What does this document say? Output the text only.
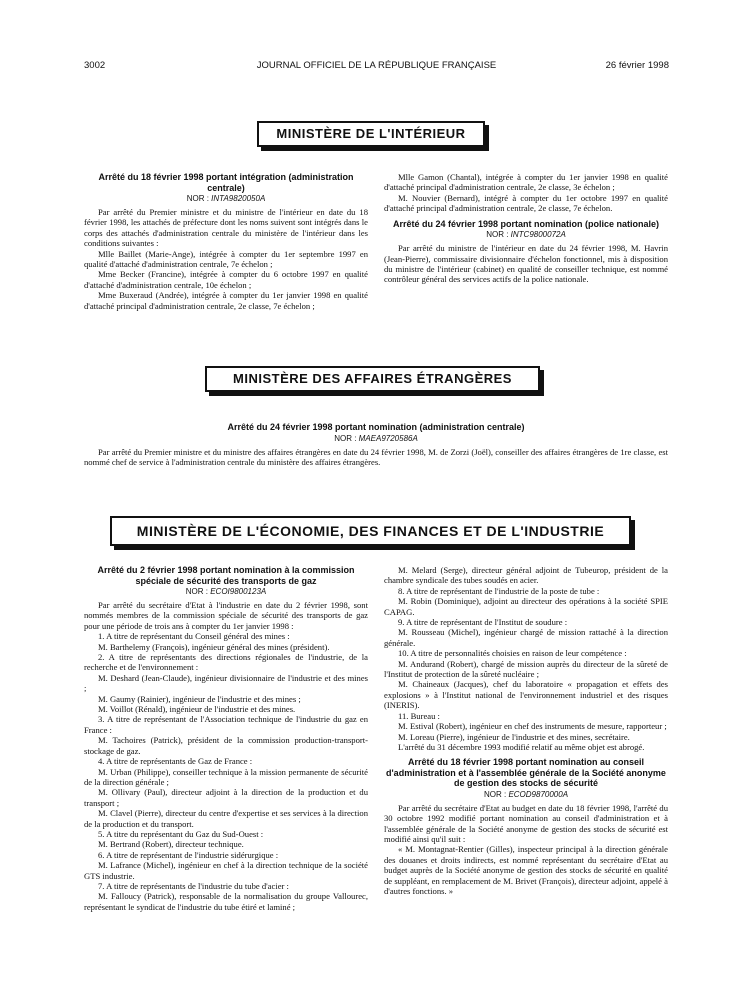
3002	JOURNAL OFFICIEL DE LA RÉPUBLIQUE FRANÇAISE	26 février 1998
MINISTÈRE DE L'INTÉRIEUR
Arrêté du 18 février 1998 portant intégration (administration centrale)
NOR : INTA9820050A

Par arrêté du Premier ministre et du ministre de l'intérieur en date du 18 février 1998, les attachés de préfecture dont les noms suivent sont intégrés dans le corps des attachés d'administration centrale du ministère de l'intérieur dans les conditions suivantes :

Mlle Baillet (Marie-Ange), intégrée à compter du 1er septembre 1997 en qualité d'attaché d'administration centrale, 7e échelon ;

Mme Becker (Francine), intégrée à compter du 6 octobre 1997 en qualité d'attaché d'administration centrale, 10e échelon ;

Mme Buxeraud (Andrée), intégrée à compter du 1er janvier 1998 en qualité d'attaché principal d'administration centrale, 2e classe, 7e échelon ;

Mlle Gamon (Chantal), intégrée à compter du 1er janvier 1998 en qualité d'attaché principal d'administration centrale, 2e classe, 3e échelon ;

M. Nouvier (Bernard), intégré à compter du 1er octobre 1997 en qualité d'attaché principal d'administration centrale, 2e classe, 7e échelon.

Arrêté du 24 février 1998 portant nomination (police nationale)
NOR : INTC9800072A

Par arrêté du ministre de l'intérieur en date du 24 février 1998, M. Havrin (Jean-Pierre), commissaire divisionnaire d'échelon fonctionnel, mis à disposition du ministre de l'intérieur (cabinet) en qualité de conseiller technique, est nommé contrôleur général des services actifs de la police nationale.

MINISTÈRE DES AFFAIRES ÉTRANGÈRES
Arrêté du 24 février 1998 portant nomination (administration centrale)
NOR : MAEA9720586A

Par arrêté du Premier ministre et du ministre des affaires étrangères en date du 24 février 1998, M. de Zorzi (Joël), conseiller des affaires étrangères de 1re classe, est nommé chef de service à l'administration centrale du ministère des affaires étrangères.

MINISTÈRE DE L'ÉCONOMIE, DES FINANCES ET DE L'INDUSTRIE
Arrêté du 2 février 1998 portant nomination à la commission spéciale de sécurité des transports de gaz
NOR : ECOI9800123A

Par arrêté du secrétaire d'Etat à l'industrie en date du 2 février 1998, sont nommés membres de la commission spéciale de sécurité des transports de gaz pour une période de trois ans à compter du 1er janvier 1998 :

1. A titre de représentant du Conseil général des mines :

M. Barthelemy (François), ingénieur général des mines (président).

2. A titre de représentants des directions régionales de l'industrie, de la recherche et de l'environnement :

M. Deshard (Jean-Claude), ingénieur divisionnaire de l'industrie et des mines ;

M. Gaumy (Rainier), ingénieur de l'industrie et des mines ;

M. Voillot (Rénald), ingénieur de l'industrie et des mines.

3. A titre de représentant de l'Association technique de l'industrie du gaz en France :

M. Tachoires (Patrick), président de la commission production-transport-stockage de gaz.

4. A titre de représentants de Gaz de France :

M. Urban (Philippe), conseiller technique à la mission permanente de sécurité de la direction générale ;

M. Ollivary (Paul), directeur adjoint à la direction de la production et du transport ;

M. Clavel (Pierre), directeur du centre d'expertise et ses services à la direction de la production et du transport.

5. A titre du représentant du Gaz du Sud-Ouest :

M. Bertrand (Robert), directeur technique.

6. A titre de représentant de l'industrie sidérurgique :

M. Lafrance (Michel), ingénieur en chef à la direction technique de la société GTS industrie.

7. A titre de représentants de l'industrie du tube d'acier :

M. Falloucy (Patrick), responsable de la normalisation du groupe Vallourec, représentant le syndicat de l'industrie du tube étiré et laminé ;

M. Melard (Serge), directeur général adjoint de Tubeurop, président de la chambre syndicale des tubes soudés en acier.

8. A titre de représentant de l'industrie de la poste de tube :

M. Robin (Dominique), adjoint au directeur des opérations à la société SPIE CAPAG.

9. A titre de représentant de l'Institut de soudure :

M. Rousseau (Michel), ingénieur chargé de mission rattaché à la direction générale.

10. A titre de personnalités choisies en raison de leur compétence :

M. Andurand (Robert), chargé de mission auprès du directeur de la sûreté de l'Institut de protection de la sûreté nucléaire ;

M. Chaineaux (Jacques), chef du laboratoire « propagation et effets des explosions » à l'Institut national de l'environnement industriel et des risques (INERIS).

11. Bureau :

M. Estival (Robert), ingénieur en chef des instruments de mesure, rapporteur ;

M. Loreau (Pierre), ingénieur de l'industrie et des mines, secrétaire.

L'arrêté du 31 décembre 1993 modifié relatif au même objet est abrogé.

Arrêté du 18 février 1998 portant nomination au conseil d'administration et à l'assemblée générale de la Société anonyme de gestion des stocks de sécurité
NOR : ECOD9870000A

Par arrêté du secrétaire d'Etat au budget en date du 18 février 1998, l'arrêté du 30 octobre 1992 modifié portant nomination au conseil d'administration et à l'assemblée générale de la Société anonyme de gestion des stocks de sécurité est modifié ainsi qu'il suit :

« M. Montagnat-Rentier (Gilles), inspecteur principal à la direction générale des douanes et droits indirects, est nommé représentant du secrétaire d'Etat au budget auprès de la Société anonyme de gestion des stocks de sécurité en qualité de suppléant, en remplacement de M. Brivet (François), directeur adjoint, appelé à d'autres fonctions. »
